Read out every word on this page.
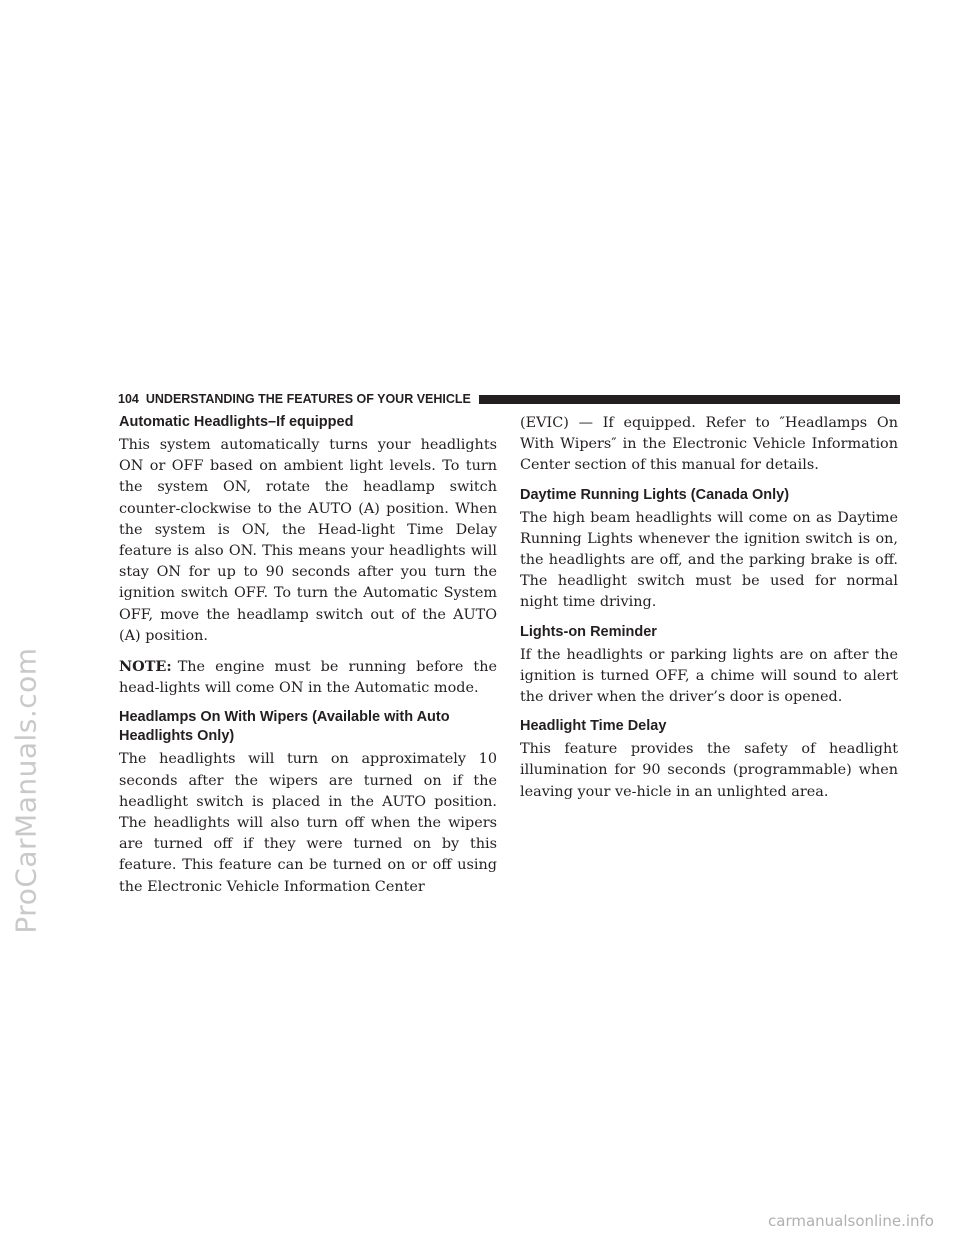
ProCarManuals.com
104 UNDERSTANDING THE FEATURES OF YOUR VEHICLE
Automatic Headlights–If equipped

This system automatically turns your headlights ON or OFF based on ambient light levels. To turn the system ON, rotate the headlamp switch counter-clockwise to the AUTO (A) position. When the system is ON, the Head-light Time Delay feature is also ON. This means your headlights will stay ON for up to 90 seconds after you turn the ignition switch OFF. To turn the Automatic System OFF, move the headlamp switch out of the AUTO (A) position.

NOTE: The engine must be running before the head-lights will come ON in the Automatic mode.

Headlamps On With Wipers (Available with Auto Headlights Only)

The headlights will turn on approximately 10 seconds after the wipers are turned on if the headlight switch is placed in the AUTO position. The headlights will also turn off when the wipers are turned off if they were turned on by this feature. This feature can be turned on or off using the Electronic Vehicle Information Center

(EVIC) — If equipped. Refer to ″Headlamps On With Wipers″ in the Electronic Vehicle Information Center section of this manual for details.

Daytime Running Lights (Canada Only)

The high beam headlights will come on as Daytime Running Lights whenever the ignition switch is on, the headlights are off, and the parking brake is off. The headlight switch must be used for normal night time driving.

Lights-on Reminder

If the headlights or parking lights are on after the ignition is turned OFF, a chime will sound to alert the driver when the driver’s door is opened.

Headlight Time Delay

This feature provides the safety of headlight illumination for 90 seconds (programmable) when leaving your ve-hicle in an unlighted area.

carmanualsonline.info
